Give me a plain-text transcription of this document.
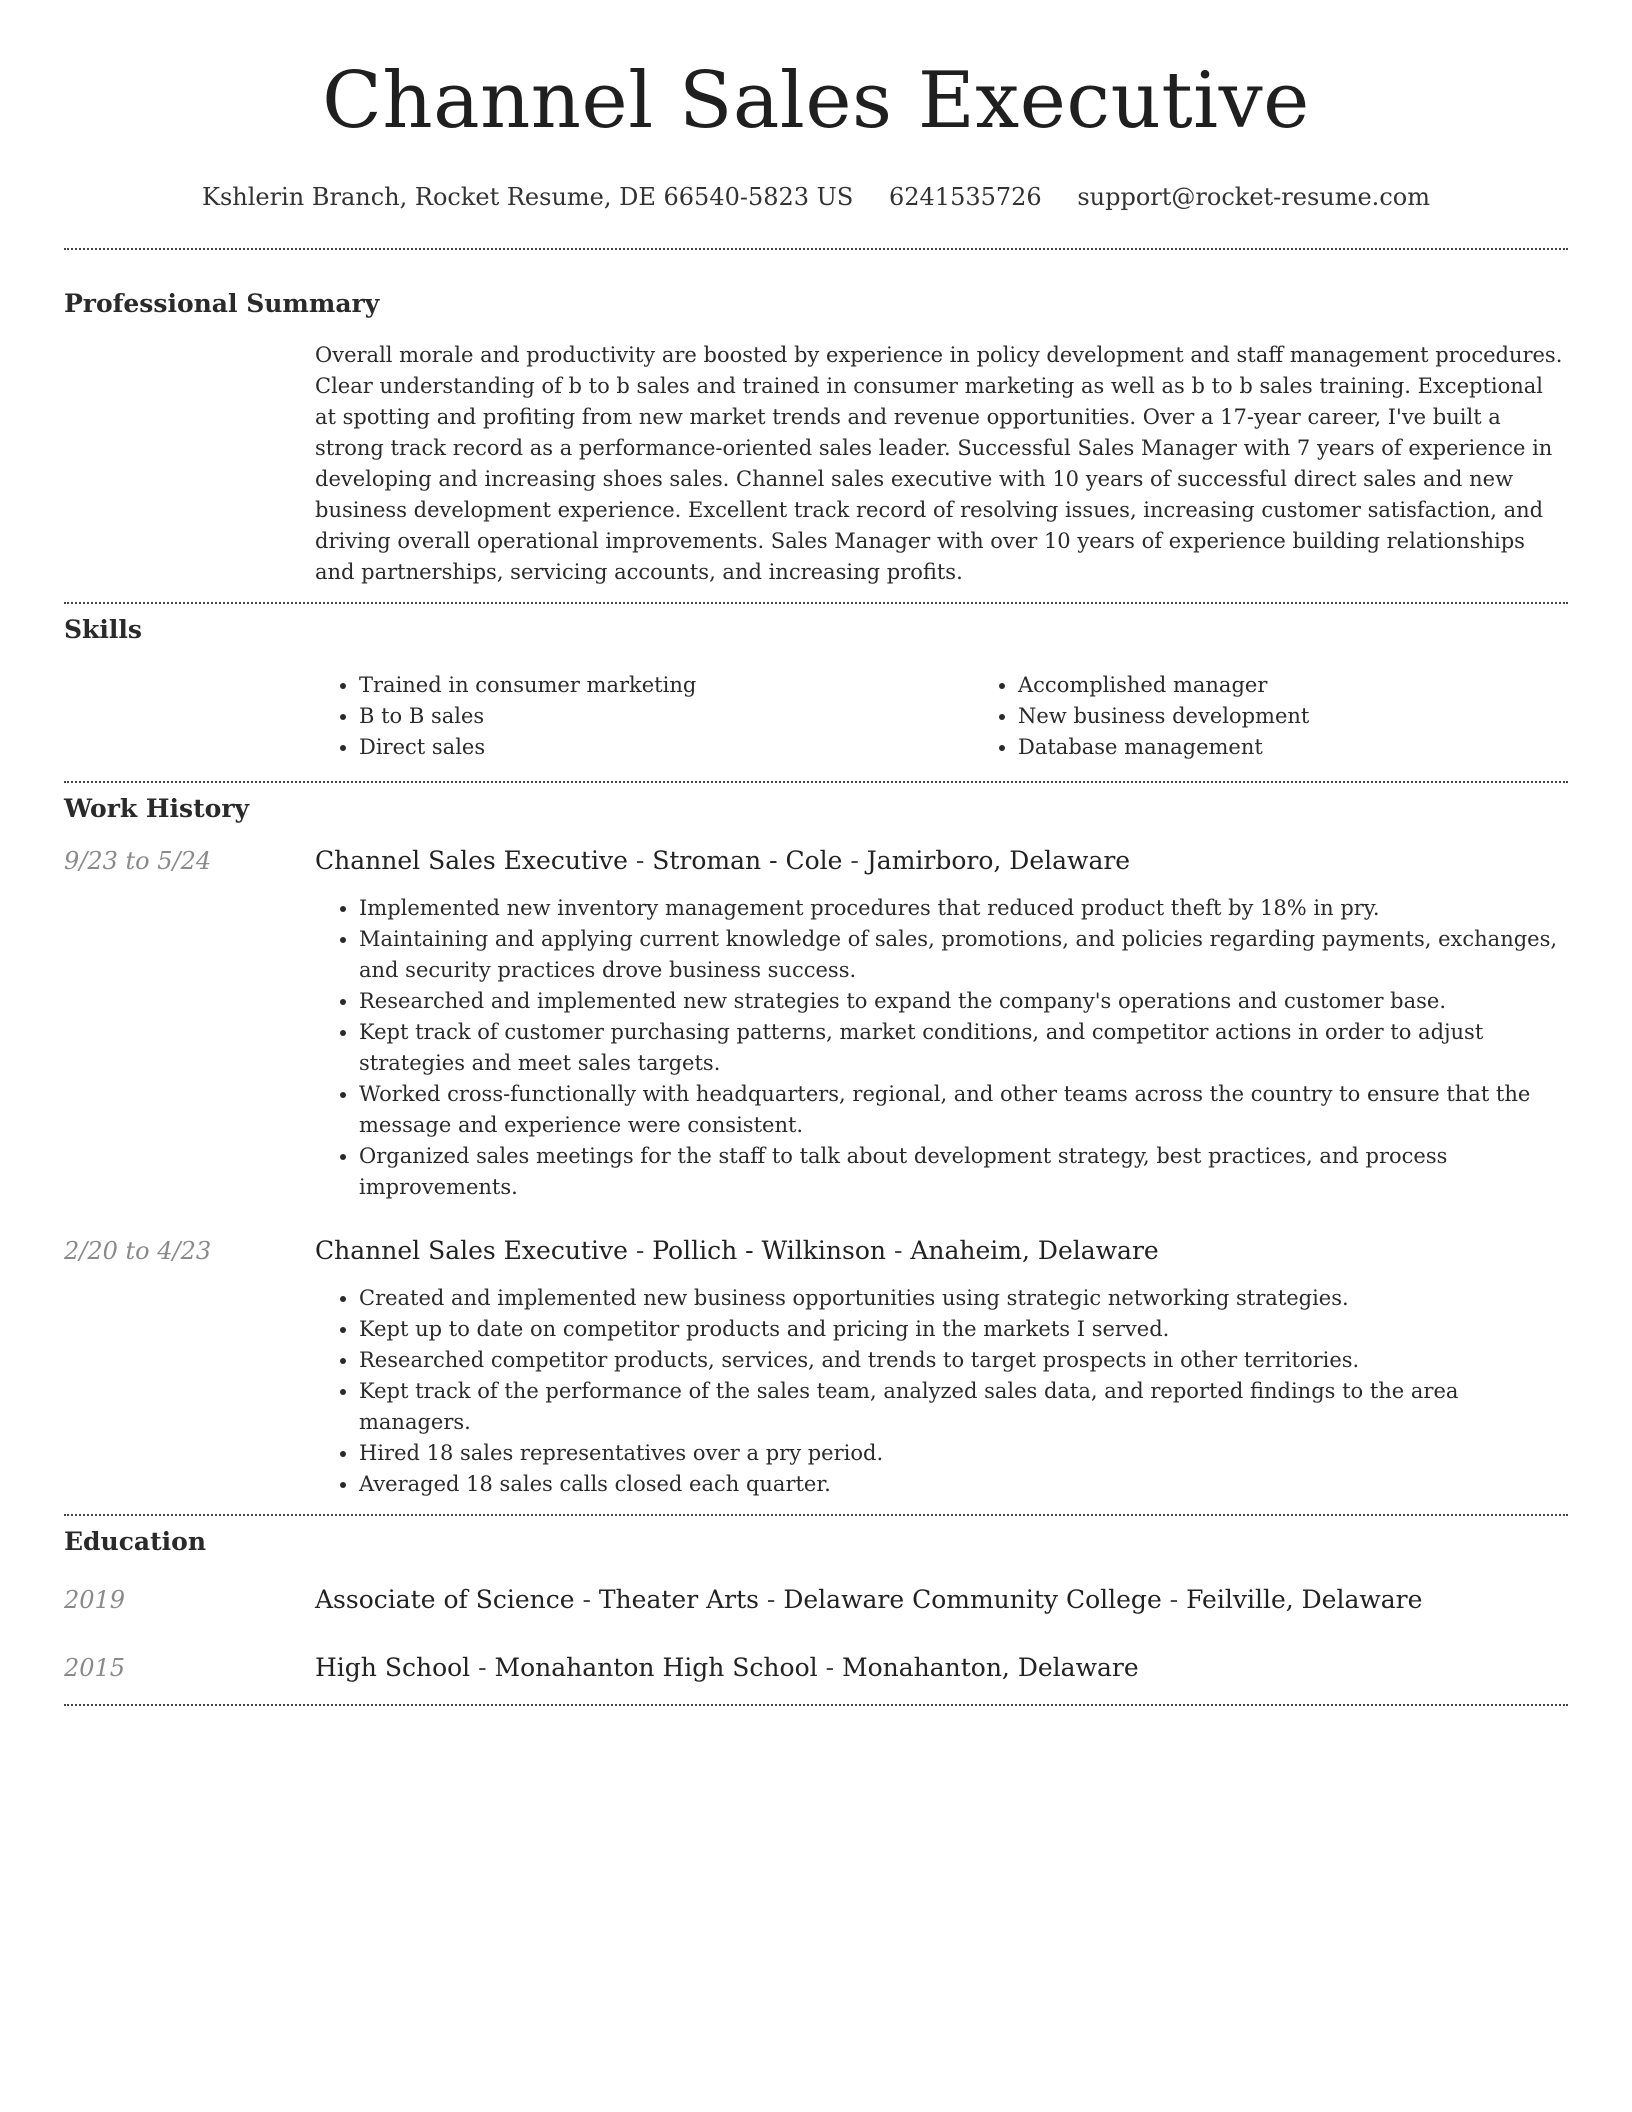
Channel Sales Executive
Kshlerin Branch, Rocket Resume, DE 66540-5823 US 6241535726 support@rocket-resume.com
Professional Summary

Overall morale and productivity are boosted by experience in policy development and staff management procedures. Clear understanding of b to b sales and trained in consumer marketing as well as b to b sales training. Exceptional at spotting and profiting from new market trends and revenue opportunities. Over a 17-year career, I've built a strong track record as a performance-oriented sales leader. Successful Sales Manager with 7 years of experience in developing and increasing shoes sales. Channel sales executive with 10 years of successful direct sales and new business development experience. Excellent track record of resolving issues, increasing customer satisfaction, and driving overall operational improvements. Sales Manager with over 10 years of experience building relationships and partnerships, servicing accounts, and increasing profits.

Skills
• Trained in consumer marketing
• B to B sales
• Direct sales
• Accomplished manager
• New business development
• Database management
Work History
9/23 to 5/24	Channel Sales Executive - Stroman - Cole - Jamirboro, Delaware
• Implemented new inventory management procedures that reduced product theft by 18% in pry.
• Maintaining and applying current knowledge of sales, promotions, and policies regarding payments, exchanges, and security practices drove business success.
• Researched and implemented new strategies to expand the company's operations and customer base.
• Kept track of customer purchasing patterns, market conditions, and competitor actions in order to adjust strategies and meet sales targets.
• Worked cross-functionally with headquarters, regional, and other teams across the country to ensure that the message and experience were consistent.
• Organized sales meetings for the staff to talk about development strategy, best practices, and process improvements.
2/20 to 4/23	Channel Sales Executive - Pollich - Wilkinson - Anaheim, Delaware
• Created and implemented new business opportunities using strategic networking strategies.
• Kept up to date on competitor products and pricing in the markets I served.
• Researched competitor products, services, and trends to target prospects in other territories.
• Kept track of the performance of the sales team, analyzed sales data, and reported findings to the area managers.
• Hired 18 sales representatives over a pry period.
• Averaged 18 sales calls closed each quarter.
Education
2019	Associate of Science - Theater Arts - Delaware Community College - Feilville, Delaware
2015	High School - Monahanton High School - Monahanton, Delaware
